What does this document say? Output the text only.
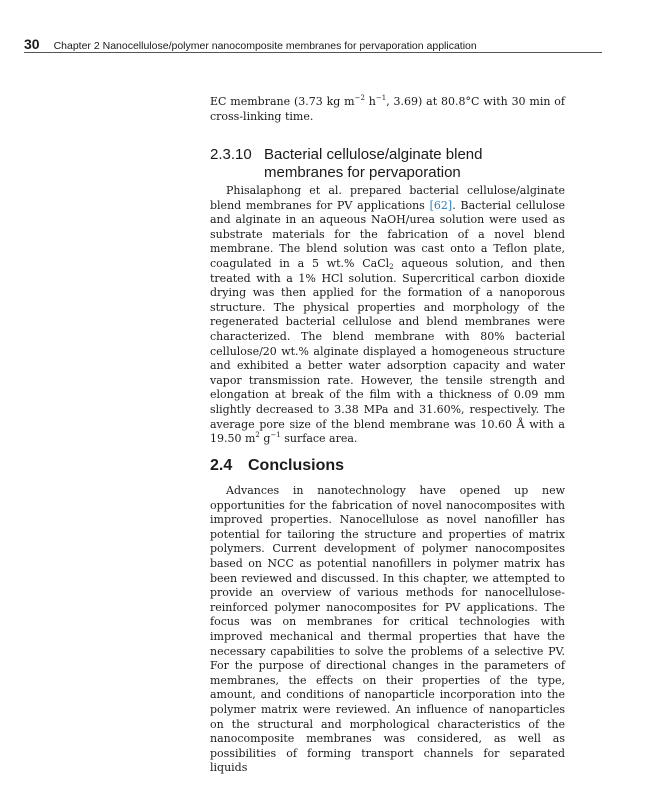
30 Chapter 2 Nanocellulose/polymer nanocomposite membranes for pervaporation application

EC membrane (3.73 kg $m^{-2}$ $h^{-1}$, 3.69) at 80.8°C with 30 min of cross-linking time.

2.3.10 Bacterial cellulose/alginate blend
membranes for pervaporation

Phisalaphong et al. prepared bacterial cellulose/alginate blend membranes for PV applications [62]. Bacterial cellulose and alginate in an aqueous NaOH/urea solution were used as substrate materials for the fabrication of a novel blend membrane. The blend solution was cast onto a Teflon plate, coagulated in a 5 wt.% CaCl$_2$ aqueous solution, and then treated with a 1% HCl solution. Supercritical carbon dioxide drying was then applied for the formation of a nanoporous structure. The physical properties and morphology of the regenerated bacterial cellulose and blend membranes were characterized. The blend membrane with 80% bacterial cellulose/20 wt.% alginate displayed a homogeneous structure and exhibited a better water adsorption capacity and water vapor transmission rate. However, the tensile strength and elongation at break of the film with a thickness of 0.09 mm slightly decreased to 3.38 MPa and 31.60%, respectively. The average pore size of the blend membrane was 10.60 Å with a 19.50 $m^2$ $g^{-1}$ surface area.

2.4 Conclusions

Advances in nanotechnology have opened up new opportunities for the fabrication of novel nanocomposites with improved properties. Nanocellulose as novel nanofiller has potential for tailoring the structure and properties of matrix polymers. Current development of polymer nanocomposites based on NCC as potential nanofillers in polymer matrix has been reviewed and discussed. In this chapter, we attempted to provide an overview of various methods for nanocellulose-reinforced polymer nanocomposites for PV applications. The focus was on membranes for critical technologies with improved mechanical and thermal properties that have the necessary capabilities to solve the problems of a selective PV. For the purpose of directional changes in the parameters of membranes, the effects on their properties of the type, amount, and conditions of nanoparticle incorporation into the polymer matrix were reviewed. An influence of nanoparticles on the structural and morphological characteristics of the nanocomposite membranes was considered, as well as possibilities of forming transport channels for separated liquids
